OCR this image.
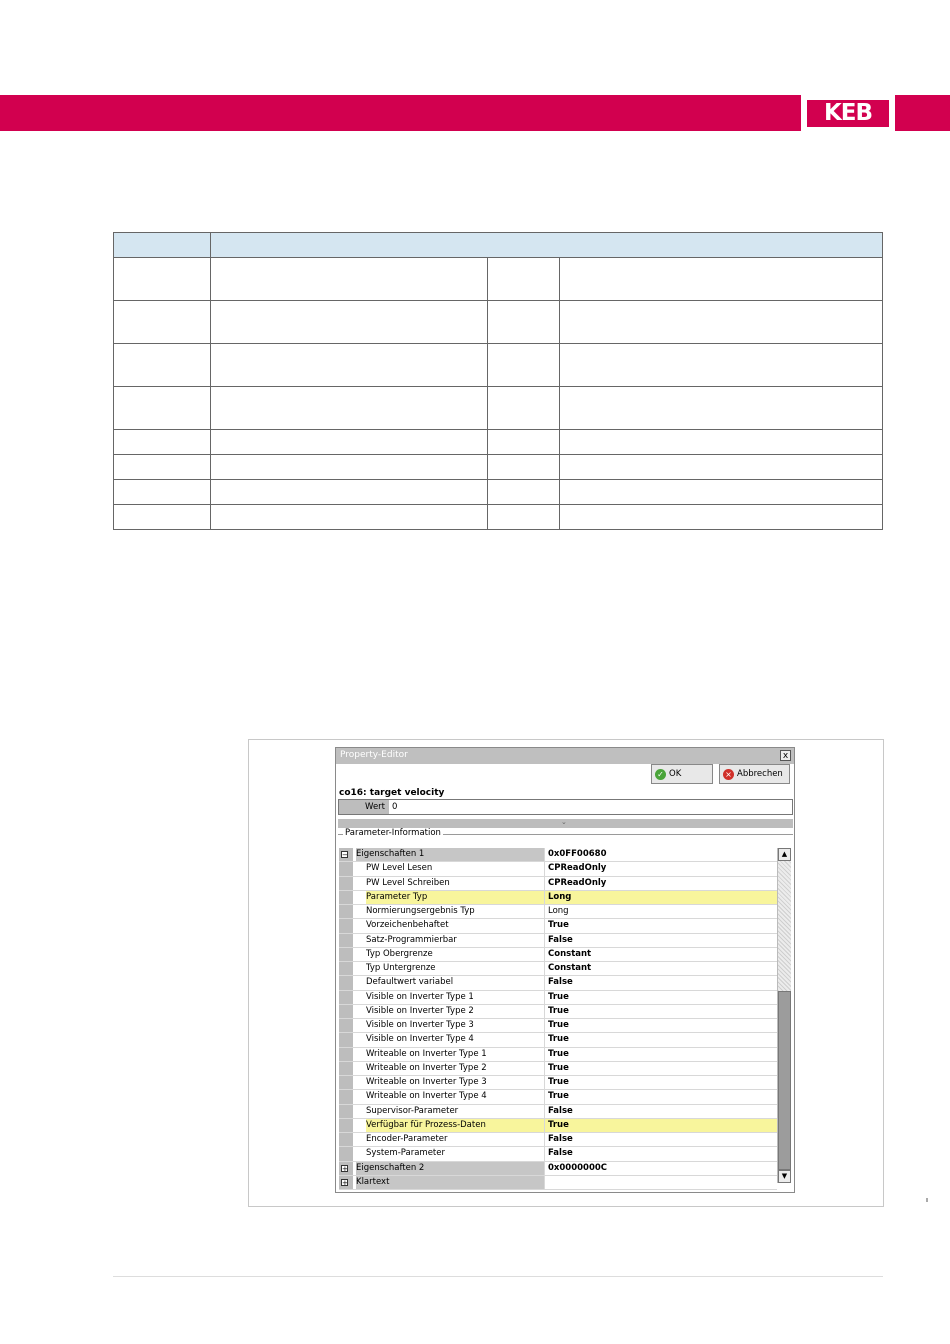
KEB

Property-Editor	x
✓ OK	× Abbrechen
co16: target velocity
Wert 0
⌄
Parameter-Information
− Eigenschaften 1	0x0FF00680
PW Level Lesen	CPReadOnly
PW Level Schreiben	CPReadOnly
Parameter Typ	Long
Normierungsergebnis Typ	Long
Vorzeichenbehaftet	True
Satz-Programmierbar	False
Typ Obergrenze	Constant
Typ Untergrenze	Constant
Defaultwert variabel	False
Visible on Inverter Type 1	True
Visible on Inverter Type 2	True
Visible on Inverter Type 3	True
Visible on Inverter Type 4	True
Writeable on Inverter Type 1	True
Writeable on Inverter Type 2	True
Writeable on Inverter Type 3	True
Writeable on Inverter Type 4	True
Supervisor-Parameter	False
Verfügbar für Prozess-Daten	True
Encoder-Parameter	False
System-Parameter	False
+ Eigenschaften 2	0x0000000C
+ Klartext
▲
▼
